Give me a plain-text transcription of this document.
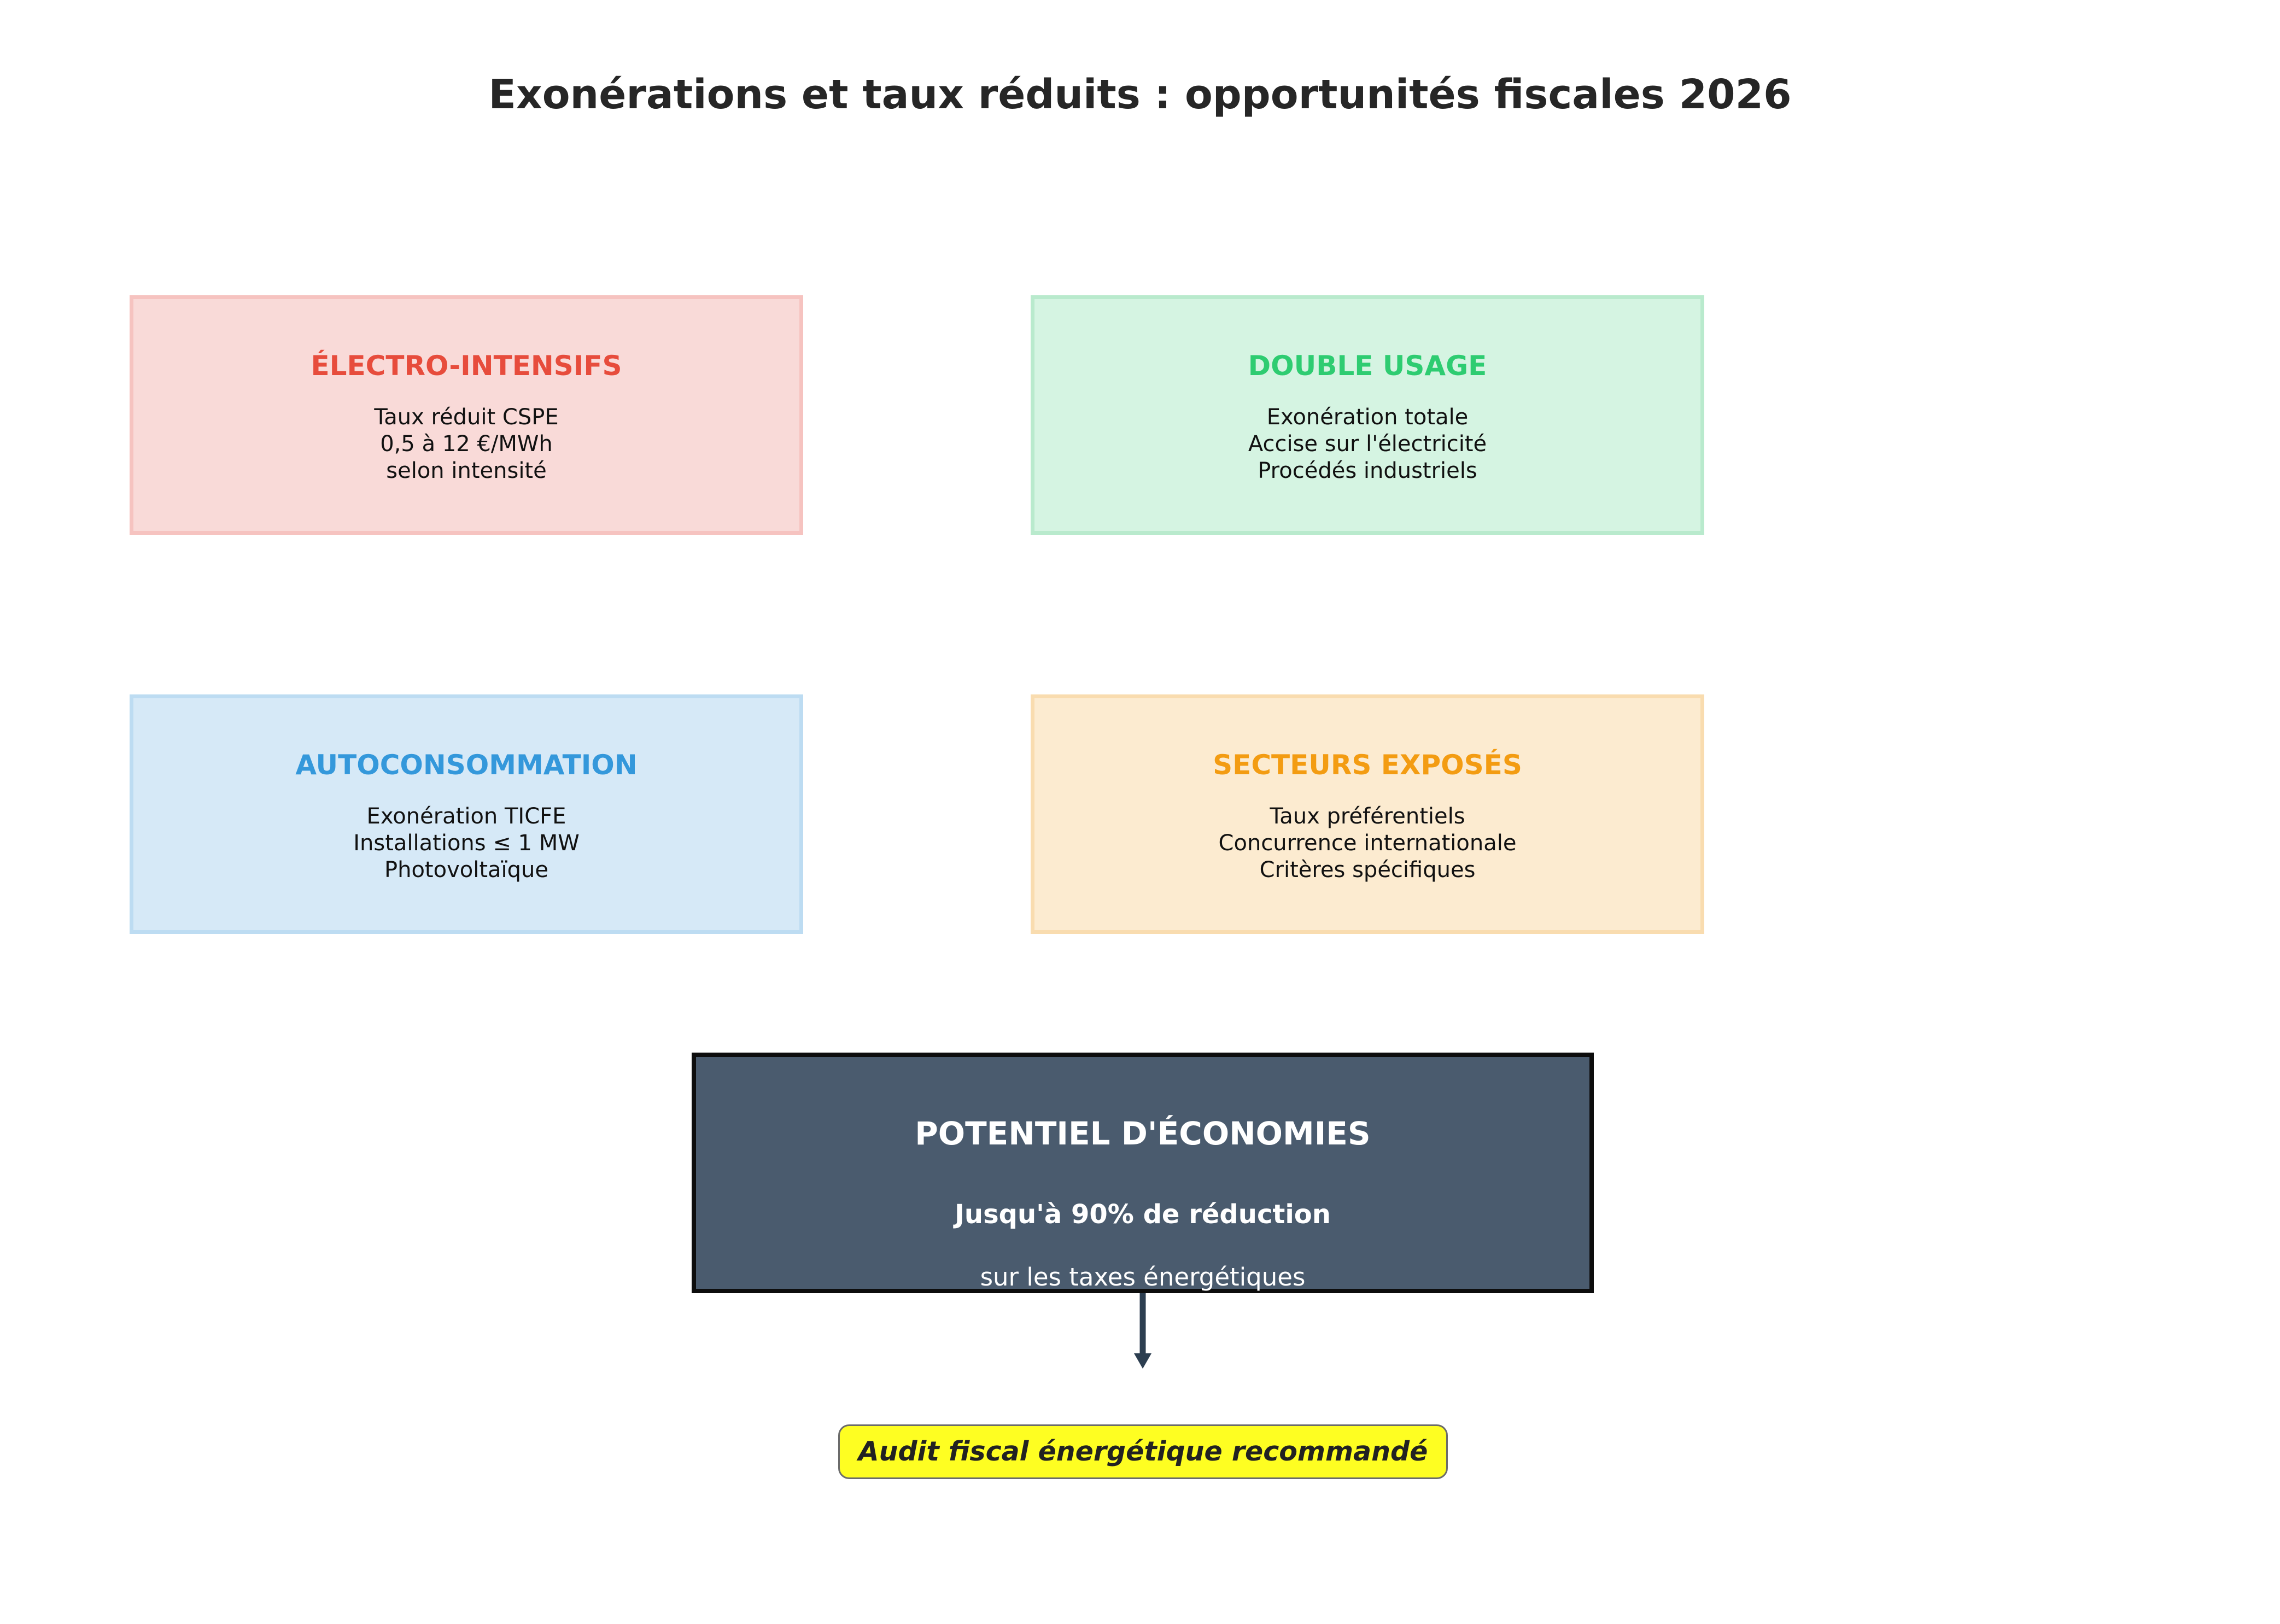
Exonérations et taux réduits : opportunités fiscales 2026
ÉLECTRO-INTENSIFS
Taux réduit CSPE
0,5 à 12 €/MWh
selon intensité
DOUBLE USAGE
Exonération totale
Accise sur l'électricité
Procédés industriels
AUTOCONSOMMATION
Exonération TICFE
Installations ≤ 1 MW
Photovoltaïque
SECTEURS EXPOSÉS
Taux préférentiels
Concurrence internationale
Critères spécifiques
POTENTIEL D'ÉCONOMIES
Jusqu'à 90% de réduction
sur les taxes énergétiques
Audit fiscal énergétique recommandé
